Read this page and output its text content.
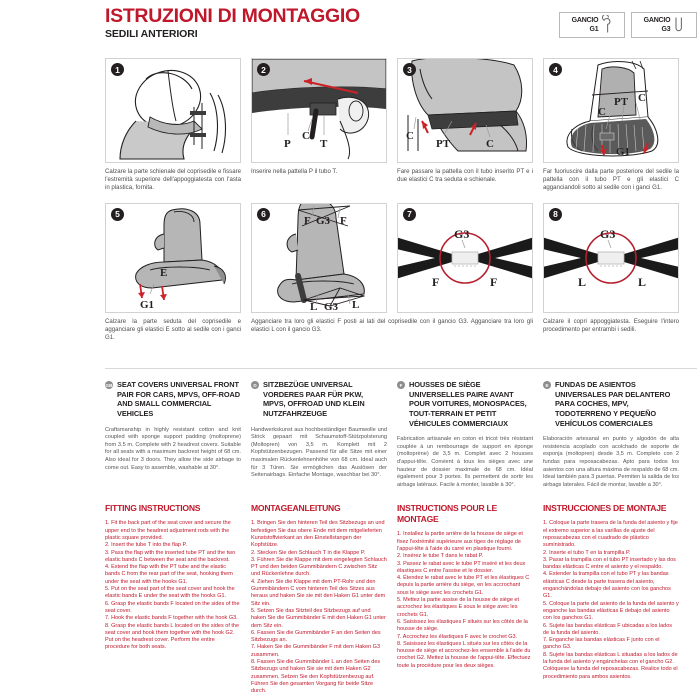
ISTRUZIONI DI MONTAGGIO
SEDILI ANTERIORI
GANCIO
G1
GANCIO
G3
1
Calzare la parte schienale del coprisedile e fissare l'estremità superiore dell'appoggiatesta con l'asta in plastica, fornita.
2
P
C
T
Inserire nella pattella P il tubo T.
3
C
PT	C
Fare passare la pattella con il tubo inserito PT e i due elastici C tra seduta e schienale.
4
C
PT C
G1
Far fuoriuscire dalla parte posteriore del sedile la pattella con il tubo PT e gli elastici C agganciandoli sotto al sedile con i ganci G1.
5
E
G1
Calzare la parte seduta del coprisedile e agganciare gli elastici E sotto al sedile con i ganci G1.
6
F G3 F
L G3 L
Agganciare tra loro gli elastici F posti ai lati del coprisedile con il gancio G3. Agganciare tra loro gli elastici L con il gancio G3.
7
G3
F	F
8
G3
L	L
Calzare il copri appoggiatesta. Eseguire l'intero procedimento per entrambi i sedili.
GB SEAT COVERS UNIVERSAL FRONT PAIR FOR CARS, MPVS, OFF-ROAD AND SMALL COMMERCIAL VEHICLES
Craftsmanship in highly resistant cotton and knit coupled with sponge support padding (moltoprene) from 3.5 m. Complete with 2 headrest covers. Suitable for all seats with a maximum backrest height of 68 cm. Also ideal for 3 doors. They allow the side airbage to come out. Easy to assemble, washable at 30°.
D SITZBEZÜGE UNIVERSAL VORDERES PAAR FÜR PKW, MPVS, OFFROAD UND KLEIN NUTZFAHRZEUGE
Handwerkskunst aus hochbeständiger Baumwolle und Strick gepaart mit Schaumstoff-Stützpolsterung (Moltopren) von 3,5 m. Komplett mit 2 Kopfstützenbezugen. Passend für alle Sitze mit einer maximalen Rückenlehnenhöhe von 68 cm. Ideal auch für 3 Türen. Sie ermöglichen das Auslösen der Seitenairbags. Einfache Montage, waschbar bei 30°.
F HOUSSES DE SIÈGE UNIVERSELLES PAIRE AVANT POUR VOITURES, MONOSPACES, TOUT-TERRAIN ET PETIT VÉHICULES COMMERCIAUX
Fabrication artisanale en coton et tricot très résistant couplée à un rembourrage de support en éponge (moltoprène) de 3,5 m. Complet avec 2 housses d'appui-tête. Convient à tous les sièges avec une hauteur de dossier maximale de 68 cm. Idéal également pour 3 portes. Ils permettent de sortir les airbags latéraux. Facile à monter, lavable à 30°.
E FUNDAS DE ASIENTOS UNIVERSALES PAR DELANTERO PARA COCHES, MPV, TODOTERRENO Y PEQUEÑO VEHÍCULOS COMERCIALES
Elaboración artesanal en punto y algodón de alta resistencia acoplado con acolchado de soporte de esponja (moltopren) desde 3,5 m. Completo con 2 fundas para reposacabezas. Apto para todos los asientos con una altura máxima de respaldo de 68 cm. Ideal también para 3 puertas. Permiten la salida de los airbags laterales. Fácil de montar, lavable a 30°.
FITTING INSTRUCTIONS
1. Fit the back part of the seat cover and secure the upper end to the headrest adjustment rods with the plastic square provided.
2. Insert the tube T into the flap P.
3. Pass the flap with the inserted tube PT and the two elastic bands C between the seat and the backrest.
4. Extend the flap with the PT tube and the elastic bands C from the rear part of the seat, hooking them under the seat with the hooks G1.
5. Put on the seat part of the seat cover and hook the elastic bands E under the seat with the hooks G1.
6. Grasp the elastic bands F located on the sides of the seat cover.
7. Hook the elastic bands F together with the hook G3.
8. Grasp the elastic bands L located on the sides of the seat cover and hook them together with the hook G2. Put on the headrest cover. Perform the entire procedure for both seats.
MONTAGEANLEITUNG
1. Bringen Sie den hinteren Teil des Sitzbezugs an und befestigen Sie das obere Ende mit dem mitgelieferten Kunststoffvierkant an den Einstellstangen der Kopfstütze.
2. Stecken Sie den Schlauch T in die Klappe P.
3. Führen Sie die Klappe mit dem eingelegten Schlauch PT und den beiden Gummibändern C zwischen Sitz und Rückenlehne durch.
4. Ziehen Sie die Klappe mit dem PT-Rohr und den Gummibändern C vom hinteren Teil des Sitzes aus heraus und haken Sie sie mit den Haken G1 unter dem Sitz ein.
5. Setzen Sie das Sitzteil des Sitzbezugs auf und haken Sie die Gummibänder E mit den Haken G1 unter dem Sitz ein.
6. Fassen Sie die Gummibänder F an den Seiten des Sitzbezugs an.
7. Haken Sie die Gummibänder F mit dem Haken G3 zusammen.
8. Fassen Sie die Gummibänder L an den Seiten des Sitzbezugs und haken Sie sie mit dem Haken G2 zusammen. Setzen Sie den Kopfstützenbezug auf. Führen Sie den gesamten Vorgang für beide Sitze durch.
INSTRUCTIONS POUR LE MONTAGE
1. Installez la partie arrière de la housse de siège et fixez l'extrémité supérieure aux tiges de réglage de l'appui-tête à l'aide du carré en plastique fourni.
2. Insérez le tube T dans le rabat P.
3. Passez le rabat avec le tube PT inséré et les deux élastiques C entre l'assise et le dossier.
4. Étendez le rabat avec le tube PT et les élastiques C depuis la partie arrière du siège, en les accrochant sous le siège avec les crochets G1.
5. Mettez la partie assise de la housse de siège et accrochez les élastiques E sous le siège avec les crochets G1.
6. Saisissez les élastiques F situés sur les côtés de la housse de siège.
7. Accrochez les élastiques F avec le crochet G3.
8. Saisissez les élastiques L situés sur les côtés de la housse de siège et accrochez-les ensemble à l'aide du crochet G2. Mettez la housse de l'appui-tête. Effectuez toute la procédure pour les deux sièges.
INSTRUCCIONES DE MONTAJE
1. Coloque la parte trasera de la funda del asiento y fije el extremo superior a las varillas de ajuste del reposacabezas con el cuadrado de plástico suministrado.
2. Inserte el tubo T en la trampilla P.
3. Pasar la trampilla con el tubo PT insertado y las dos bandas elásticas C entre el asiento y el respaldo.
4. Extender la trampilla con el tubo PT y las bandas elásticas C desde la parte trasera del asiento, enganchándolas debajo del asiento con los ganchos G1.
5. Coloque la parte del asiento de la funda del asiento y enganche las bandas elásticas E debajo del asiento con los ganchos G1.
6. Sujete las bandas elásticas F ubicadas a los lados de la funda del asiento.
7. Enganche las bandas elásticas F junto con el gancho G3.
8. Sujete las bandas elásticas L situadas a los lados de la funda del asiento y engánchelas con el gancho G2. Colóquese la funda del reposacabezas. Realice todo el procedimiento para ambos asientos.
